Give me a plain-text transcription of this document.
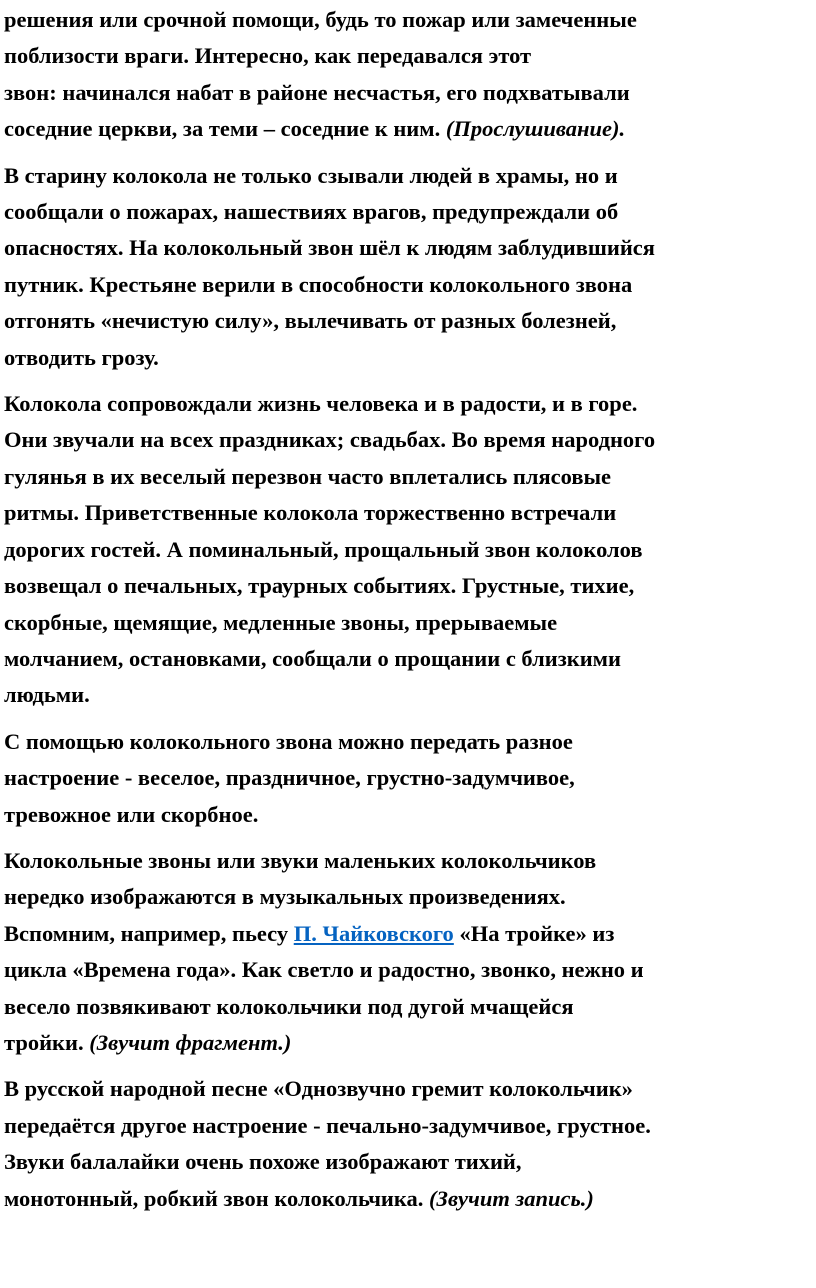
решения или срочной помощи, будь то пожар или замеченные
поблизости враги. Интересно, как передавался этот
звон: начинался набат в районе несчастья, его подхватывали
соседние церкви, за теми – соседние к ним. (Прослушивание).

В старину колокола не только сзывали людей в храмы, но и
сообщали о пожарах, нашествиях врагов, предупреждали об
опасностях. На колокольный звон шёл к людям заблудившийся
путник. Крестьяне верили в способности колокольного звона
отгонять «нечистую силу», вылечивать от разных болезней,
отводить грозу.

Колокола сопровождали жизнь человека и в радости, и в горе.
Они звучали на всех праздниках; свадьбах. Во время народного
гулянья в их веселый перезвон часто вплетались плясовые
ритмы. Приветственные колокола торжественно встречали
дорогих гостей. А поминальный, прощальный звон колоколов
возвещал о печальных, траурных событиях. Грустные, тихие,
скорбные, щемящие, медленные звоны, прерываемые
молчанием, остановками, сообщали о прощании с близкими
людьми.

С помощью колокольного звона можно передать разное
настроение - веселое, праздничное, грустно-задумчивое,
тревожное или скорбное.

Колокольные звоны или звуки маленьких колокольчиков
нередко изображаются в музыкальных произведениях.
Вспомним, например, пьесу П. Чайковского «На тройке» из
цикла «Времена года». Как светло и радостно, звонко, нежно и
весело позвякивают колокольчики под дугой мчащейся
тройки. (Звучит фрагмент.)

В русской народной песне «Однозвучно гремит колокольчик»
передаётся другое настроение - печально-задумчивое, грустное.
Звуки балалайки очень похоже изображают тихий,
монотонный, робкий звон колокольчика. (Звучит запись.)
